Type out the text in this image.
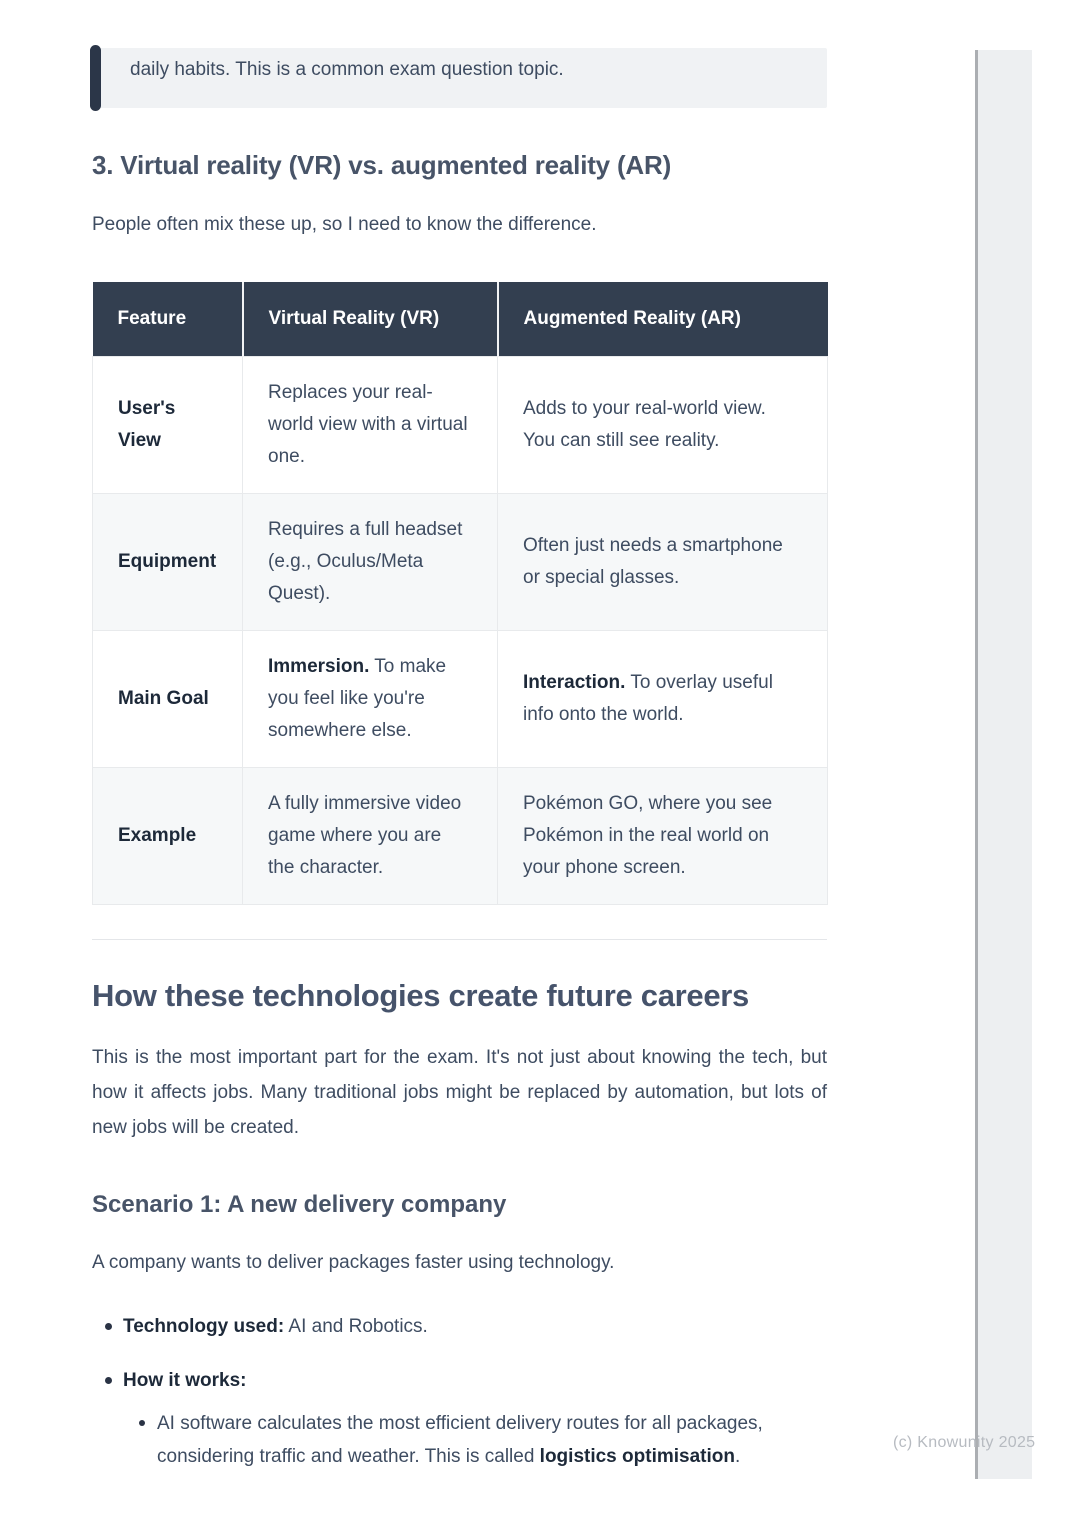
daily habits. This is a common exam question topic.
3. Virtual reality (VR) vs. augmented reality (AR)

People often mix these up, so I need to know the difference.

Feature	Virtual Reality (VR)	Augmented Reality (AR)
User's View	Replaces your real-world view with a virtual one.	Adds to your real-world view. You can still see reality.
Equipment	Requires a full headset (e.g., Oculus/Meta Quest).	Often just needs a smartphone or special glasses.
Main Goal	Immersion. To make you feel like you're somewhere else.	Interaction. To overlay useful info onto the world.
Example	A fully immersive video game where you are the character.	Pokémon GO, where you see Pokémon in the real world on your phone screen.
How these technologies create future careers

This is the most important part for the exam. It's not just about knowing the tech, but how it affects jobs. Many traditional jobs might be replaced by automation, but lots of new jobs will be created.

Scenario 1: A new delivery company

A company wants to deliver packages faster using technology.

Technology used: AI and Robotics.
How it works:
AI software calculates the most efficient delivery routes for all packages, considering traffic and weather. This is called logistics optimisation.
(c) Knowunity 2025
